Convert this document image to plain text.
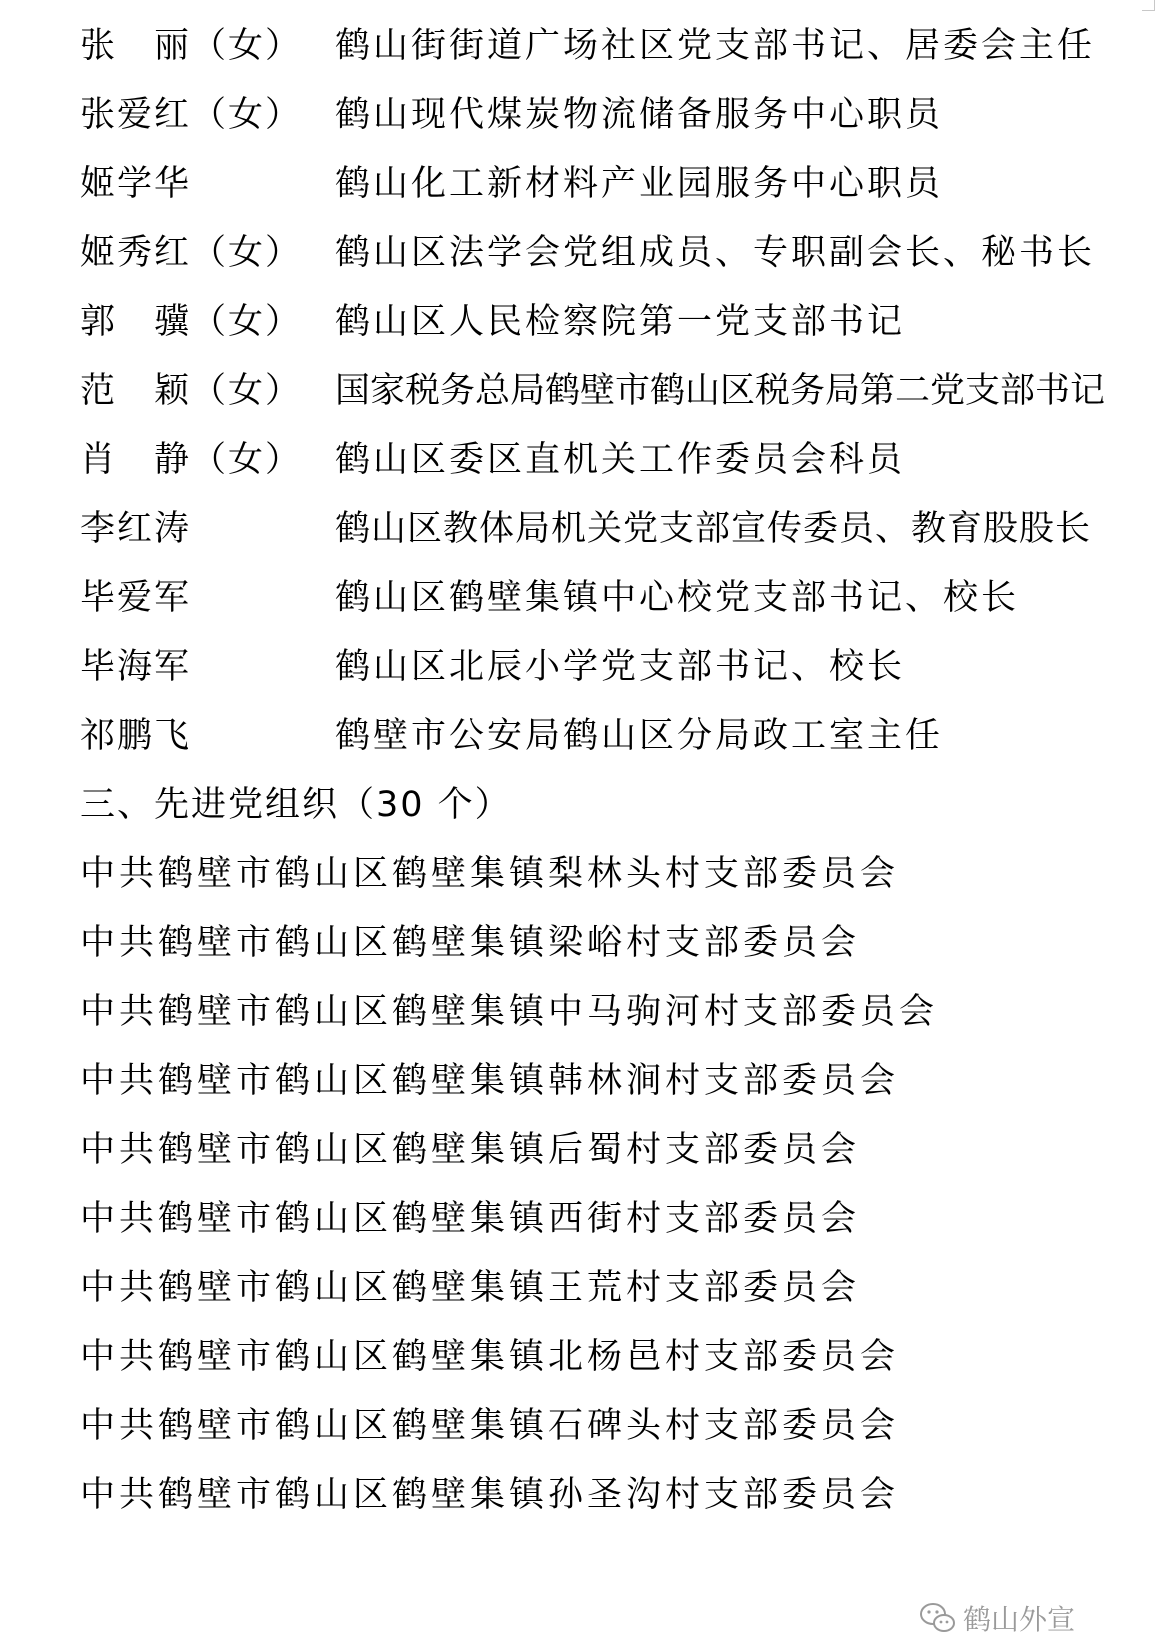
张　丽（女） 鹤山街街道广场社区党支部书记、居委会主任
张爱红（女） 鹤山现代煤炭物流储备服务中心职员
姬学华	鹤山化工新材料产业园服务中心职员
姬秀红（女） 鹤山区法学会党组成员、专职副会长、秘书长
郭　骥（女） 鹤山区人民检察院第一党支部书记
范　颖（女） 国家税务总局鹤壁市鹤山区税务局第二党支部书记
肖　静（女） 鹤山区委区直机关工作委员会科员
李红涛	鹤山区教体局机关党支部宣传委员、教育股股长
毕爱军	鹤山区鹤壁集镇中心校党支部书记、校长
毕海军	鹤山区北辰小学党支部书记、校长
祁鹏飞	鹤壁市公安局鹤山区分局政工室主任
三、先进党组织（30 个）
中共鹤壁市鹤山区鹤壁集镇梨林头村支部委员会
中共鹤壁市鹤山区鹤壁集镇梁峪村支部委员会
中共鹤壁市鹤山区鹤壁集镇中马驹河村支部委员会
中共鹤壁市鹤山区鹤壁集镇韩林涧村支部委员会
中共鹤壁市鹤山区鹤壁集镇后蜀村支部委员会
中共鹤壁市鹤山区鹤壁集镇西街村支部委员会
中共鹤壁市鹤山区鹤壁集镇王荒村支部委员会
中共鹤壁市鹤山区鹤壁集镇北杨邑村支部委员会
中共鹤壁市鹤山区鹤壁集镇石碑头村支部委员会
中共鹤壁市鹤山区鹤壁集镇孙圣沟村支部委员会
鹤山外宣
